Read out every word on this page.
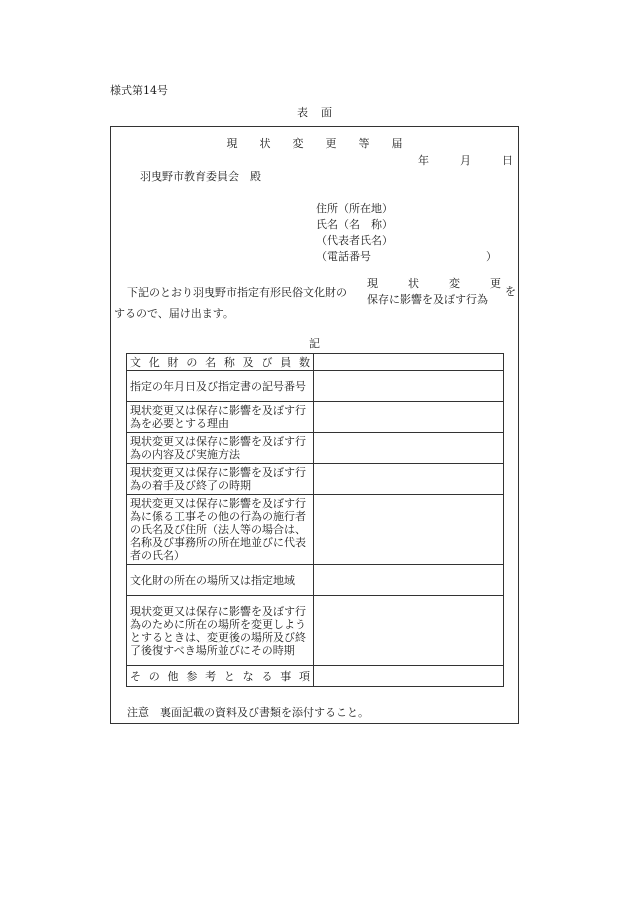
様式第14号
表　面
現状変更等届
年	月	日
羽曳野市教育委員会　殿
住所（所在地）
氏名（名　称）
（代表者氏名）
（電話番号	）
下記のとおり羽曳野市指定有形民俗文化財の
現	状	変	更
保存に影響を及ぼす行為
を
するので、届け出ます。
記
文化財の名称及び員数	
指定の年月日及び指定書の記号番号	
現状変更又は保存に影響を及ぼす行為を必要とする理由	
現状変更又は保存に影響を及ぼす行為の内容及び実施方法	
現状変更又は保存に影響を及ぼす行為の着手及び終了の時期	
現状変更又は保存に影響を及ぼす行為に係る工事その他の行為の施行者の氏名及び住所（法人等の場合は、名称及び事務所の所在地並びに代表者の氏名）	
文化財の所在の場所又は指定地域	
現状変更又は保存に影響を及ぼす行為のために所在の場所を変更しようとするときは、変更後の場所及び終了後復すべき場所並びにその時期	
その他参考となる事項	
注意　裏面記載の資料及び書類を添付すること。
